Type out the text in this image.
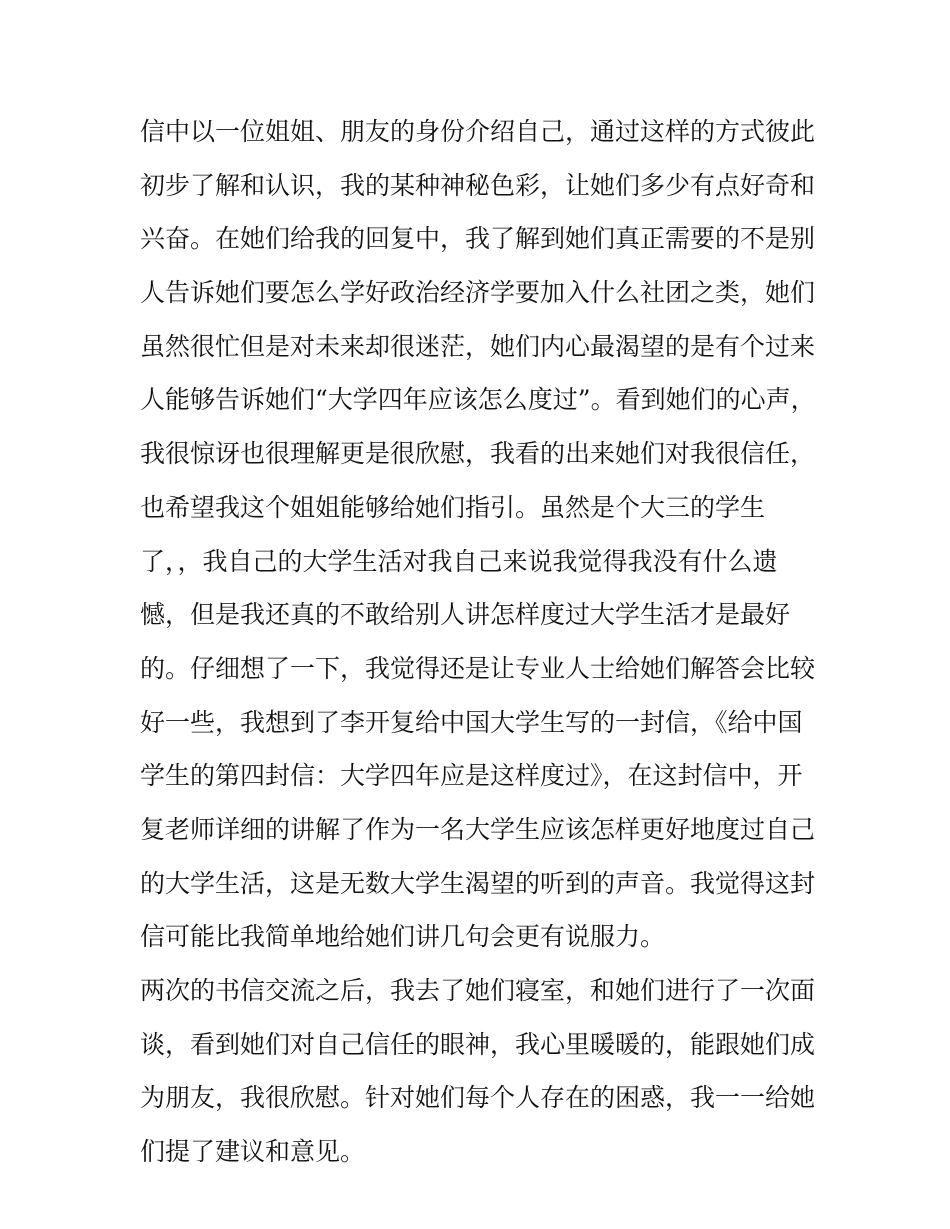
信中以一位姐姐、朋友的身份介绍自己，通过这样的方式彼此
初步了解和认识，我的某种神秘色彩，让她们多少有点好奇和
兴奋。在她们给我的回复中，我了解到她们真正需要的不是别
人告诉她们要怎么学好政治经济学要加入什么社团之类，她们
虽然很忙但是对未来却很迷茫，她们内心最渴望的是有个过来
人能够告诉她们“大学四年应该怎么度过”。看到她们的心声，
我很惊讶也很理解更是很欣慰，我看的出来她们对我很信任，
也希望我这个姐姐能够给她们指引。虽然是个大三的学生
了，，我自己的大学生活对我自己来说我觉得我没有什么遗
憾，但是我还真的不敢给别人讲怎样度过大学生活才是最好
的。仔细想了一下，我觉得还是让专业人士给她们解答会比较
好一些，我想到了李开复给中国大学生写的一封信，《给中国
学生的第四封信：大学四年应是这样度过》，在这封信中，开
复老师详细的讲解了作为一名大学生应该怎样更好地度过自己
的大学生活，这是无数大学生渴望的听到的声音。我觉得这封
信可能比我简单地给她们讲几句会更有说服力。
两次的书信交流之后，我去了她们寝室，和她们进行了一次面
谈，看到她们对自己信任的眼神，我心里暖暖的，能跟她们成
为朋友，我很欣慰。针对她们每个人存在的困惑，我一一给她
们提了建议和意见。
